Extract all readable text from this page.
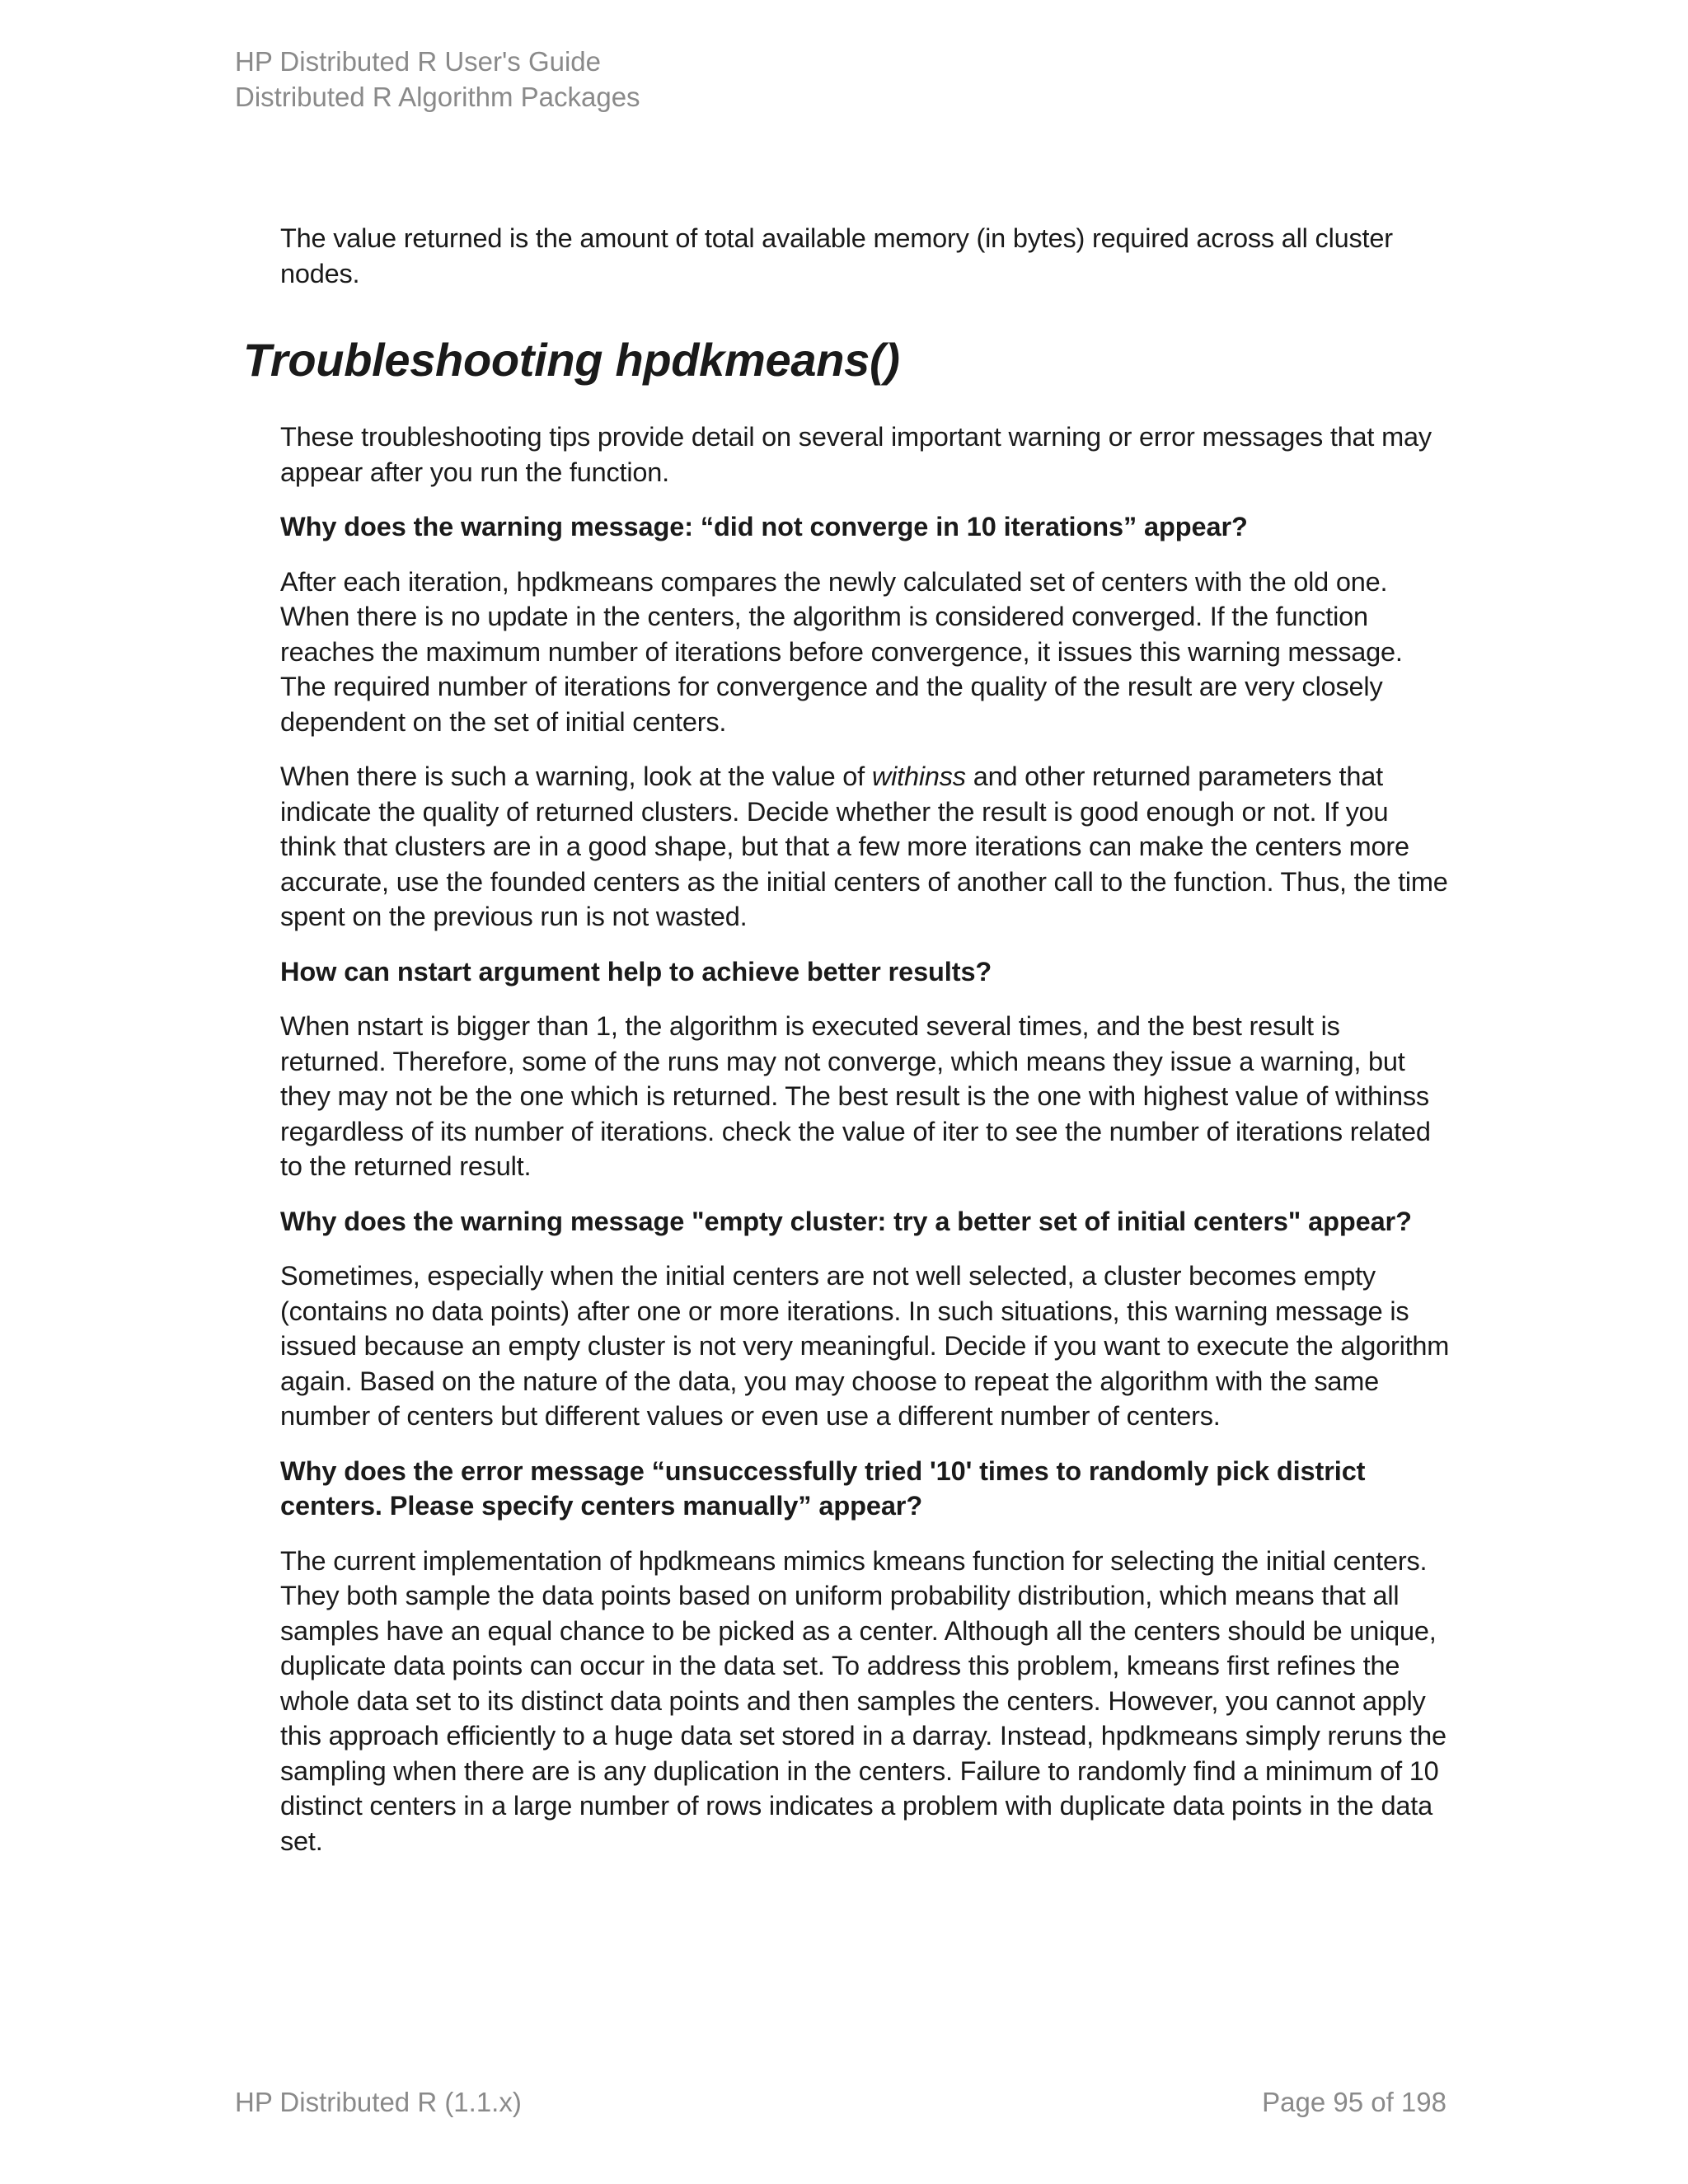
HP Distributed R User's Guide
Distributed R Algorithm Packages

The value returned is the amount of total available memory (in bytes) required across all cluster nodes.

Troubleshooting hpdkmeans()

These troubleshooting tips provide detail on several important warning or error messages that may appear after you run the function.

Why does the warning message: “did not converge in 10 iterations” appear?

After each iteration, hpdkmeans compares the newly calculated set of centers with the old one. When there is no update in the centers, the algorithm is considered converged. If the function reaches the maximum number of iterations before convergence, it issues this warning message. The required number of iterations for convergence and the quality of the result are very closely dependent on the set of initial centers.

When there is such a warning, look at the value of withinss and other returned parameters that indicate the quality of returned clusters. Decide whether the result is good enough or not. If you think that clusters are in a good shape, but that a few more iterations can make the centers more accurate, use the founded centers as the initial centers of another call to the function. Thus, the time spent on the previous run is not wasted.

How can nstart argument help to achieve better results?

When nstart is bigger than 1, the algorithm is executed several times, and the best result is returned. Therefore, some of the runs may not converge, which means they issue a warning, but they may not be the one which is returned. The best result is the one with highest value of withinss regardless of its number of iterations. check the value of iter to see the number of iterations related to the returned result.

Why does the warning message "empty cluster: try a better set of initial centers" appear?

Sometimes, especially when the initial centers are not well selected, a cluster becomes empty (contains no data points) after one or more iterations. In such situations, this warning message is issued because an empty cluster is not very meaningful. Decide if you want to execute the algorithm again. Based on the nature of the data, you may choose to repeat the algorithm with the same number of centers but different values or even use a different number of centers.

Why does the error message “unsuccessfully tried '10' times to randomly pick district centers. Please specify centers manually” appear?

The current implementation of hpdkmeans mimics kmeans function for selecting the initial centers. They both sample the data points based on uniform probability distribution, which means that all samples have an equal chance to be picked as a center. Although all the centers should be unique, duplicate data points can occur in the data set. To address this problem, kmeans first refines the whole data set to its distinct data points and then samples the centers. However, you cannot apply this approach efficiently to a huge data set stored in a darray. Instead, hpdkmeans simply reruns the sampling when there are is any duplication in the centers. Failure to randomly find a minimum of 10 distinct centers in a large number of rows indicates a problem with duplicate data points in the data set.

HP Distributed R (1.1.x)	Page 95 of 198
